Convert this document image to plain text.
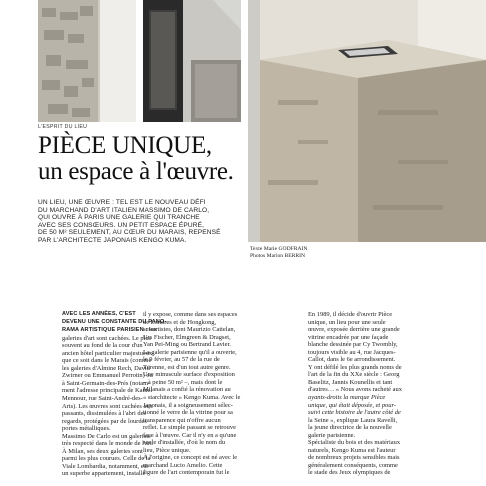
L'ESPRIT DU LIEU
PIÈCE UNIQUE,
un espace à l'œuvre.

UN LIEU, UNE ŒUVRE : TEL EST LE NOUVEAU DÉFI
DU MARCHAND D'ART ITALIEN MASSIMO DE CARLO,
QUI OUVRE À PARIS UNE GALERIE QUI TRANCHE
AVEC SES CONSŒURS. UN PETIT ESPACE ÉPURÉ,
DE 50 M² SEULEMENT, AU CŒUR DU MARAIS, REPENSÉ
PAR L'ARCHITECTE JAPONAIS KENGO KUMA.

Texte Marie GODFRAIN
Photos Marion BERRIN

AVEC LES ANNÉES, C'EST
DEVENU UNE CONSTANTE DU PANO-
RAMA ARTISTIQUE PARISIEN : les
galeries d'art sont cachées. Le plus
souvent au fond de la cour d'un
ancien hôtel particulier majestueux,
que ce soit dans le Marais (comme
les galeries d'Almine Rech, David
Zwirner ou Emmanuel Perrotin) ou
à Saint-Germain-des-Prés (notam-
ment l'adresse principale de Kamel
Mennour, rue Saint-André-des-
Arts). Les œuvres sont cachées aux
passants, dissimulées à l'abri des
regards, protégées par de lourdes
portes métalliques.
Massimo De Carlo est un galeriste
très respecté dans le monde de l'art.
À Milan, ses deux galeries sont
parmi les plus courues. Celle de la
Viale Lombardia, notamment, est
un superbe appartement, installé

il y expose, comme dans ses espaces
de Londres et de Hongkong,
ses artistes, dont Maurizio Cattelan,
Urs Fischer, Elmgreen & Dragset,
Yan Pei-Ming ou Bertrand Lavier.
La galerie parisienne qu'il a ouverte,
le 9 février, au 57 de la rue de
Turenne, est d'un tout autre genre.
Une minuscule surface d'exposition
– à peine 50 m² –, mais dont le
Milanais a confié la rénovation au
« starchitecte » Kengo Kuma. Avec le
Japonais, il a soigneusement sélec-
tionné le verre de la vitrine pour sa
transparence qui n'offre aucun
reflet. Le simple passant se retrouve
face à l'œuvre. Car il n'y en a qu'une
seule d'installée, d'où le nom du
lieu, Pièce unique.
À l'origine, ce concept est né avec le
marchand Lucio Amelio. Cette
figure de l'art contemporain fut le

En 1989, il décide d'ouvrir Pièce
unique, un lieu pour une seule
œuvre, exposée derrière une grande
vitrine encadrée par une façade
blanche dessinée par Cy Twombly,
toujours visible au 4, rue Jacques-
Callot, dans le 6e arrondissement.
Y ont défilé les plus grands noms de
l'art de la fin du XXe siècle : Georg
Baselitz, Jannis Kounellis et tant
d'autres… « Nous avons racheté aux
ayants-droits la marque Pièce
unique, qui était déposée, et pour-
suivi cette histoire de l'autre côté de
la Seine », explique Laura Ravelli,
la jeune directrice de la nouvelle
galerie parisienne.
Spécialiste du bois et des matériaux
naturels, Kengo Kuma est l'auteur
de nombreux projets sensibles mais
généralement conséquents, comme
le stade des Jeux olympiques de
